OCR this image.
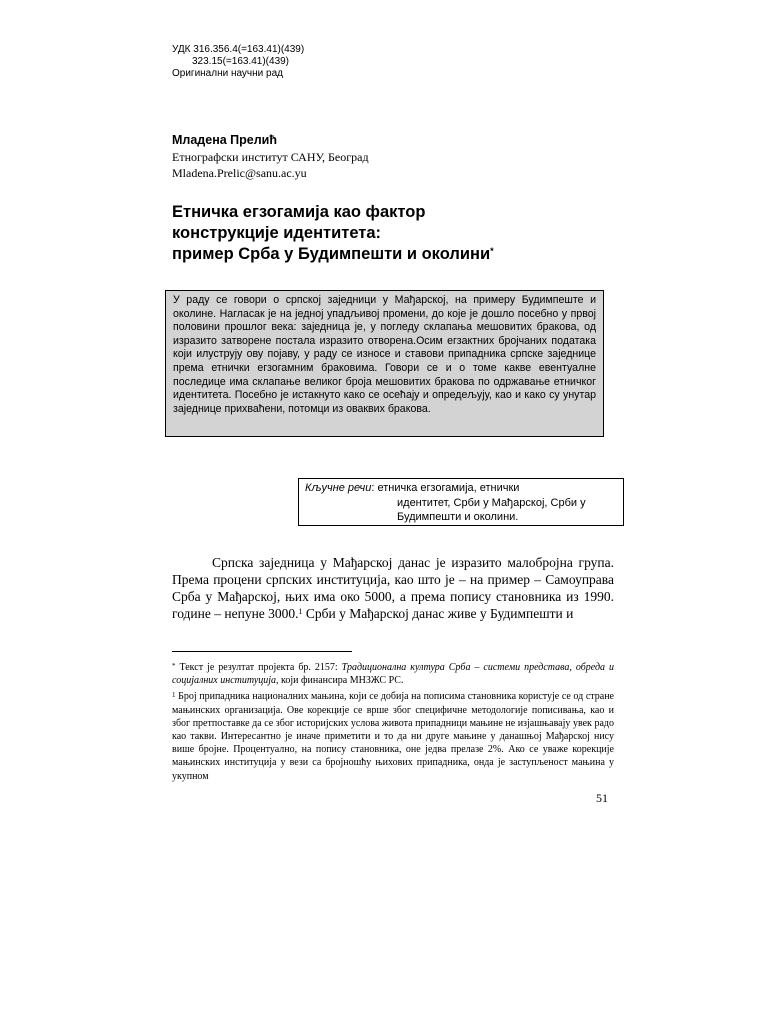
УДК 316.356.4(=163.41)(439)
323.15(=163.41)(439)
Оригинални научни рад
Младена Прелић
Етнографски институт САНУ, Београд
Mladena.Prelic@sanu.ac.yu
Етничка егзогамија као фактор
конструкције идентитета:
пример Срба у Будимпешти и околини*
У раду се говори о српској заједници у Мађарској, на примеру Будимпеште и околине. Нагласак је на једној упадљивој промени, до које је дошло посебно у првој половини прошлог века: заједница је, у погледу склапања мешовитих бракова, од изразито затворене постала изразито отворена.Осим егзактних бројчаних података који илуструју ову појаву, у раду се износе и ставови припадника српске заједнице према етнички егзогамним браковима. Говори се и о томе какве евентуалне последице има склапање великог броја мешовитих бракова по одржавање етничког идентитета. Посебно је истакнуто како се осећају и опредељују, као и како су унутар заједнице прихваћени, потомци из оваквих бракова.
Кључне речи: етничка егзогамија, етнички
идентитет, Срби у Мађарској, Срби у
Будимпешти и околини.

Српска заједница у Мађарској данас је изразито малобројна група. Према процени српских институција, као што је – на пример – Самоуправа Срба у Мађарској, њих има око 5000, а према попису становника из 1990. године – непуне 3000.$^1$ Срби у Мађарској данас живе у Будимпешти и

* Текст је резултат пројекта бр. 2157: Традиционална култура Срба – системи представа, обреда и социјалних институција, који финансира МНЗЖС РС.

$^1$ Број припадника националних мањина, који се добија на пописима становника користује се од стране мањинских организација. Ове корекције се врше због специфичне методологије пописивања, као и због претпоставке да се због историјских услова живота припадници мањине не изјашњавају увек радо као такви. Интересантно је иначе приметити и то да ни друге мањине у данашњој Мађарској нису више бројне. Процентуално, на попису становника, оне једва прелазе 2%. Ако се уваже корекције мањинских институција у вези са бројношћу њихових припадника, онда је заступљеност мањина у укупном

51
